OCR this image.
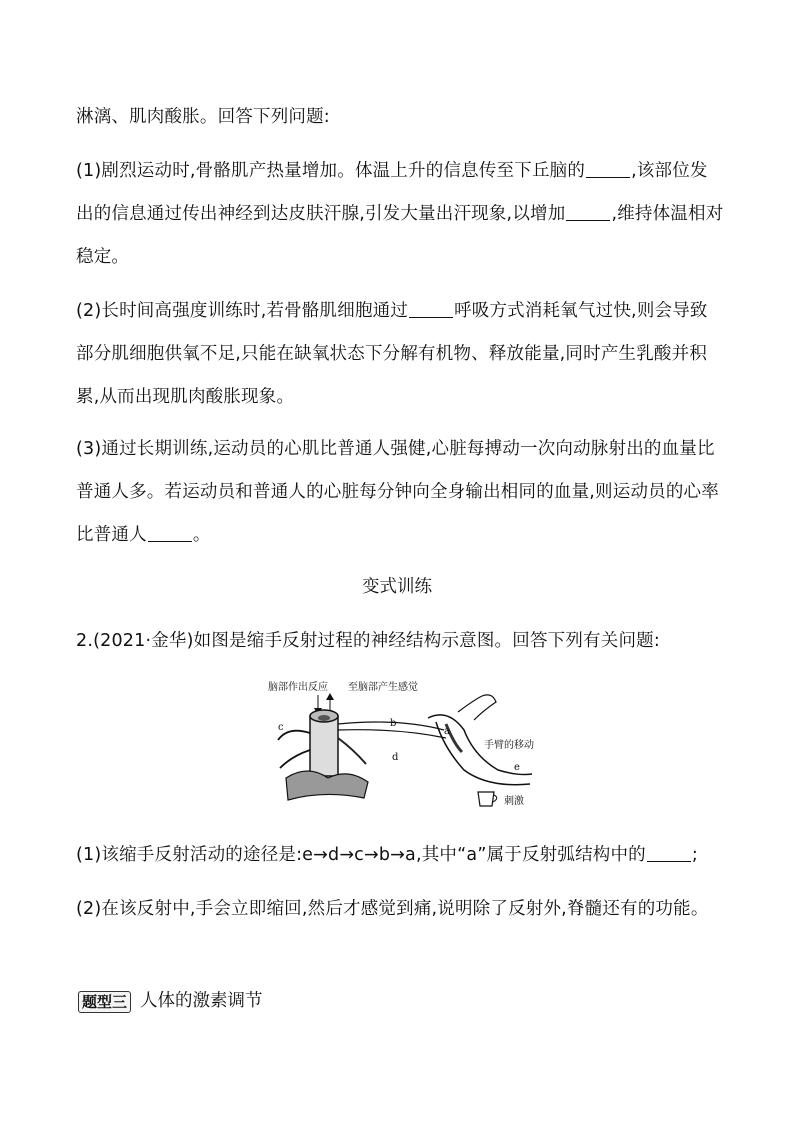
淋漓、肌肉酸胀。回答下列问题:

(1)剧烈运动时,骨骼肌产热量增加。体温上升的信息传至下丘脑的	,该部位发出的信息通过传出神经到达皮肤汗腺,引发大量出汗现象,以增加	,维持体温相对稳定。

(2)长时间高强度训练时,若骨骼肌细胞通过	呼吸方式消耗氧气过快,则会导致部分肌细胞供氧不足,只能在缺氧状态下分解有机物、释放能量,同时产生乳酸并积累,从而出现肌肉酸胀现象。

(3)通过长期训练,运动员的心肌比普通人强健,心脏每搏动一次向动脉射出的血量比普通人多。若运动员和普通人的心脏每分钟向全身输出相同的血量,则运动员的心率比普通人	。

变式训练

2.(2021·金华)如图是缩手反射过程的神经结构示意图。回答下列有关问题:

脑部作出反应 至脑部产生感觉
c	b
d
a
e
手臂的移动
刺激

(1)该缩手反射活动的途径是:e→d→c→b→a,其中“a”属于反射弧结构中的	;

(2)在该反射中,手会立即缩回,然后才感觉到痛,说明除了反射外,脊髓还有的功能。

题型三 人体的激素调节
